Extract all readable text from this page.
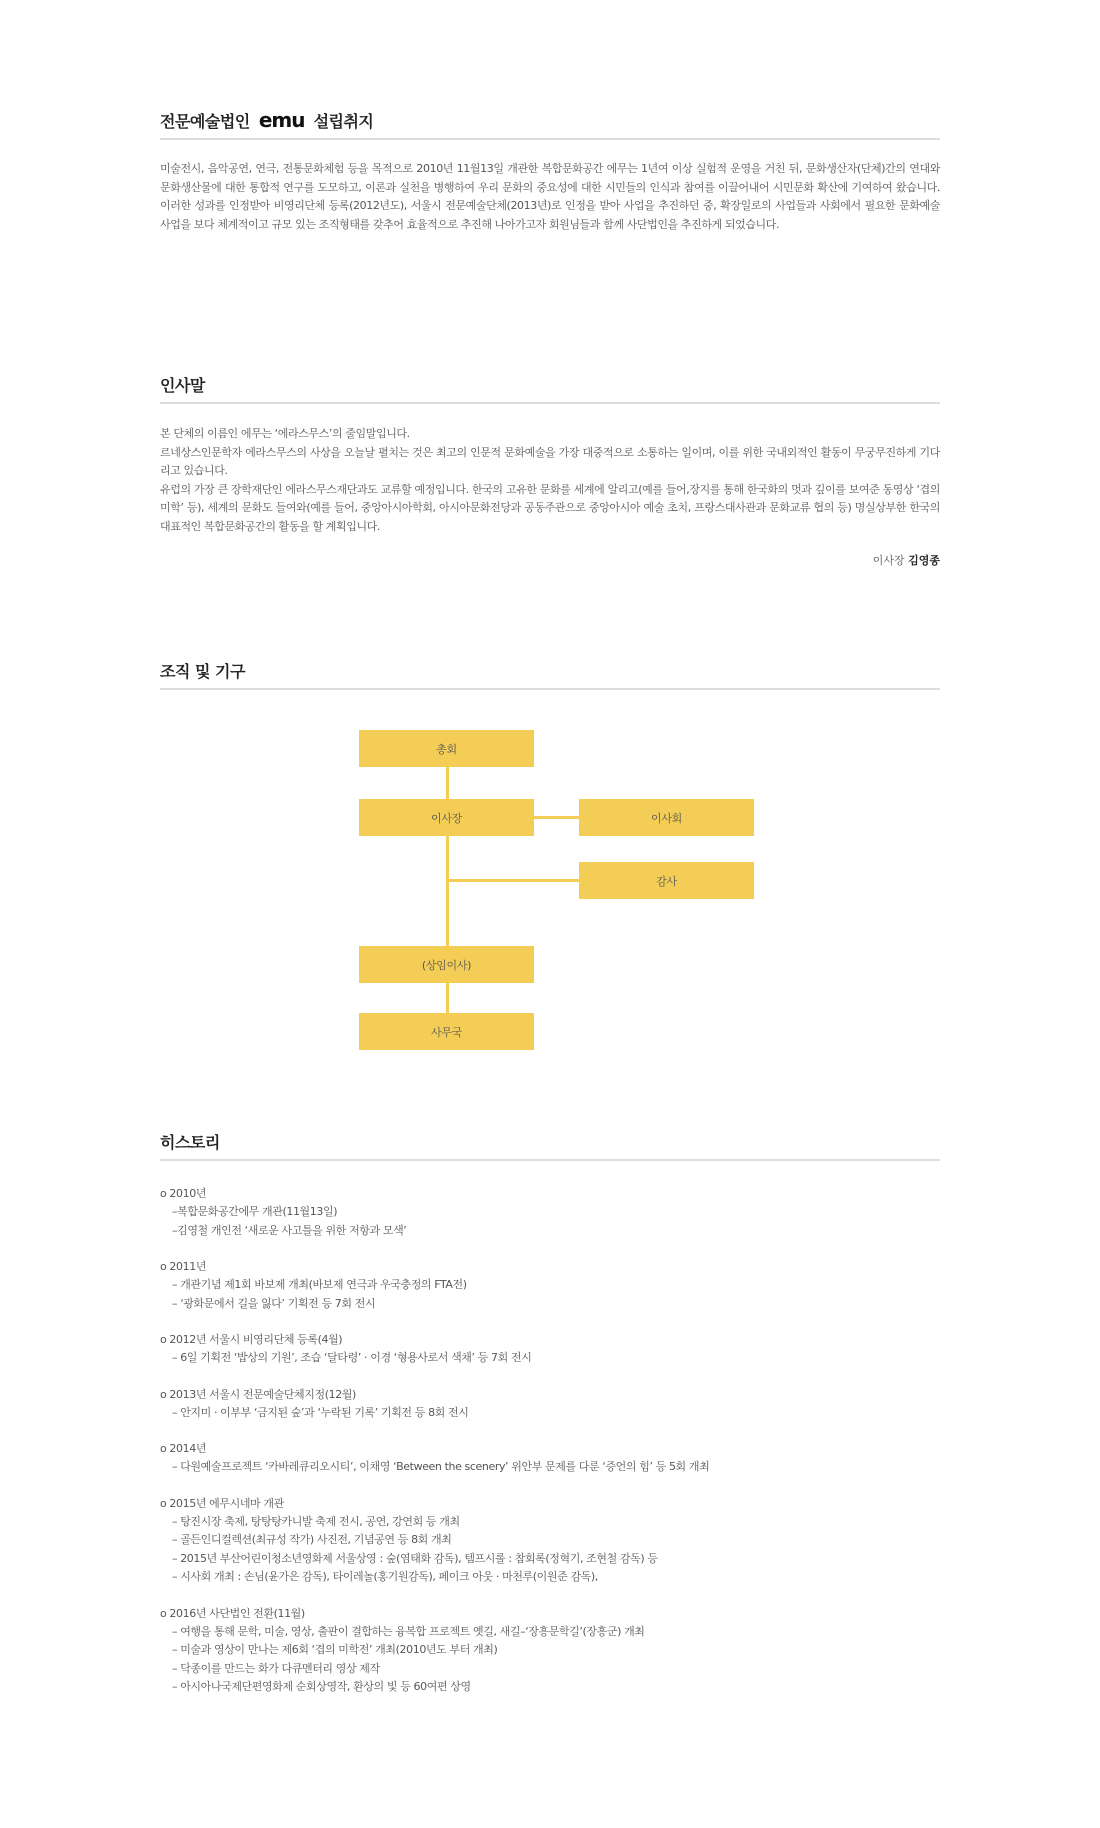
전문예술법인 emu 설립취지

미술전시, 음악공연, 연극, 전통문화체험 등을 목적으로 2010년 11월13일 개관한 복합문화공간 에무는 1년여 이상 실험적 운영을 거친 뒤, 문화생산자(단체)간의 연대와 문화생산물에 대한 통합적 연구를 도모하고, 이론과 실천을 병행하여 우리 문화의 중요성에 대한 시민들의 인식과 참여를 이끌어내어 시민문화 확산에 기여하여 왔습니다. 이러한 성과를 인정받아 비영리단체 등록(2012년도), 서울시 전문예술단체(2013년)로 인정을 받아 사업을 추진하던 중, 확장일로의 사업들과 사회에서 필요한 문화예술 사업을 보다 체계적이고 규모 있는 조직형태를 갖추어 효율적으로 추진해 나아가고자 회원님들과 함께 사단법인을 추진하게 되었습니다.

인사말

본 단체의 이름인 에무는 ‘에라스무스’의 줄임말입니다.

르네상스인문학자 에라스무스의 사상을 오늘날 펼치는 것은 최고의 인문적 문화예술을 가장 대중적으로 소통하는 일이며, 이를 위한 국내외적인 활동이 무궁무진하게 기다리고 있습니다.

유럽의 가장 큰 장학재단인 에라스무스재단과도 교류할 예정입니다. 한국의 고유한 문화를 세계에 알리고(예를 들어,장지를 통해 한국화의 멋과 깊이를 보여준 동영상 ‘겹의 미학’ 등), 세계의 문화도 들여와(예를 들어, 중앙아시아학회, 아시아문화전당과 공동주관으로 중앙아시아 예술 초치, 프랑스대사관과 문화교류 협의 등) 명실상부한 한국의 대표적인 복합문화공간의 활동을 할 계획입니다.

이사장 김영종
조직 및 기구
총회
이사장	이사회
감사
(상임이사)
사무국
히스토리
o 2010년
–복합문화공간에무 개관(11월13일)
–김영철 개인전 ‘새로운 사고틀을 위한 저항과 모색’
o 2011년
– 개관기념 제1회 바보제 개최(바보제 연극과 우국충정의 FTA전)
– ‘광화문에서 길을 잃다’ 기획전 등 7회 전시
o 2012년 서울시 비영리단체 등록(4월)
– 6일 기획전 ‘밥상의 기원’, 조습 ‘달타령’ · 이경 ‘형용사로서 색채’ 등 7회 전시
o 2013년 서울시 전문예술단체지정(12월)
– 안지미 · 이부부 ‘금지된 숲’과 ‘누락된 기록’ 기획전 등 8회 전시
o 2014년
– 다원예술프로젝트 ‘카바레큐리오시티’, 이채영 ‘Between the scenery’ 위안부 문제를 다룬 ‘증언의 힘’ 등 5회 개최
o 2015년 에무시네마 개관
– 탕진시장 축제, 탕탕탕카니발 축제 전시, 공연, 강연회 등 개최
– 골든인디컬렉션(최규성 작가) 사진전, 기념공연 등 8회 개최
– 2015년 부산어린이청소년영화제 서울상영 : 숲(염태화 감독), 템프시롤 : 참회록(정혁기, 조현철 감독) 등
– 시사회 개최 : 손님(윤가은 감독), 타이레놀(홍기원감독), 페이크 아웃 · 마천루(이원준 감독),
o 2016년 사단법인 전환(11월)
– 여행을 통해 문학, 미술, 영상, 출판이 결합하는 융복합 프로젝트 옛길, 새길–‘장흥문학길’(장흥군) 개최
– 미술과 영상이 만나는 제6회 ‘겹의 미학전’ 개최(2010년도 부터 개최)
– 닥종이를 만드는 화가 다큐멘터리 영상 제작
– 아시아나국제단편영화제 순회상영작, 환상의 빛 등 60여편 상영
